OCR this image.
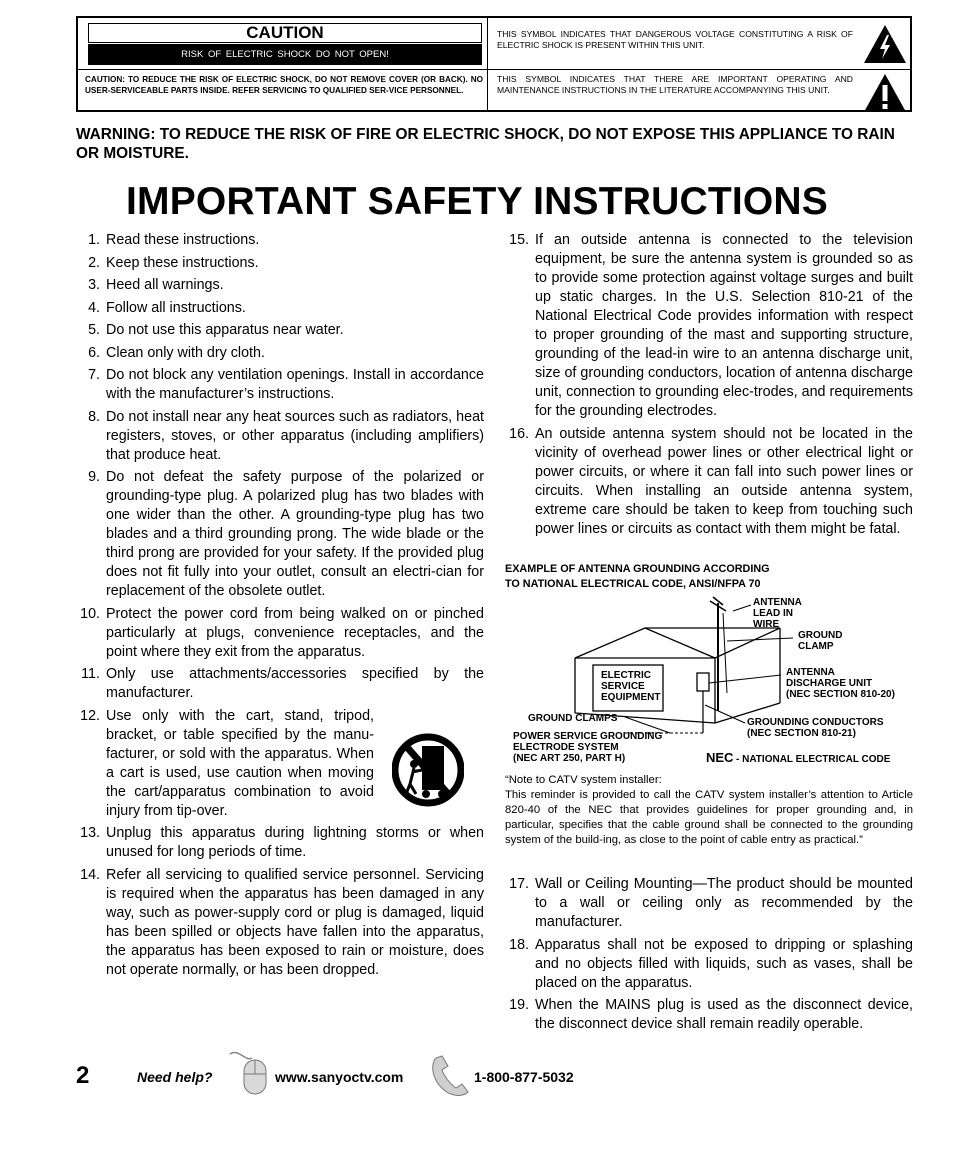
CAUTION
RISK OF ELECTRIC SHOCK DO NOT OPEN!
CAUTION: TO REDUCE THE RISK OF ELECTRIC SHOCK, DO NOT REMOVE COVER (OR BACK). NO USER-SERVICEABLE PARTS INSIDE. REFER SERVICING TO QUALIFIED SER-VICE PERSONNEL.
THIS SYMBOL INDICATES THAT DANGEROUS VOLTAGE CONSTITUTING A RISK OF ELECTRIC SHOCK IS PRESENT WITHIN THIS UNIT.
THIS SYMBOL INDICATES THAT THERE ARE IMPORTANT OPERATING AND MAINTENANCE INSTRUCTIONS IN THE LITERATURE ACCOMPANYING THIS UNIT.
WARNING: TO REDUCE THE RISK OF FIRE OR ELECTRIC SHOCK, DO NOT EXPOSE THIS APPLIANCE TO RAIN OR MOISTURE.
IMPORTANT SAFETY INSTRUCTIONS
1. Read these instructions.
2. Keep these instructions.
3. Heed all warnings.
4. Follow all instructions.
5. Do not use this apparatus near water.
6. Clean only with dry cloth.
7. Do not block any ventilation openings. Install in accordance with the manufacturer’s instructions.
8. Do not install near any heat sources such as radiators, heat registers, stoves, or other apparatus (including amplifiers) that produce heat.
9. Do not defeat the safety purpose of the polarized or grounding-type plug. A polarized plug has two blades with one wider than the other. A grounding-type plug has two blades and a third grounding prong. The wide blade or the third prong are provided for your safety. If the provided plug does not fit fully into your outlet, consult an electri-cian for replacement of the obsolete outlet.
10. Protect the power cord from being walked on or pinched particularly at plugs, convenience receptacles, and the point where they exit from the apparatus.
11. Only use attachments/accessories specified by the manufacturer.
12. Use only with the cart, stand, tripod, bracket, or table specified by the manu-facturer, or sold with the apparatus. When a cart is used, use caution when moving the cart/apparatus combination to avoid injury from tip-over.
13. Unplug this apparatus during lightning storms or when unused for long periods of time.
14. Refer all servicing to qualified service personnel. Servicing is required when the apparatus has been damaged in any way, such as power-supply cord or plug is damaged, liquid has been spilled or objects have fallen into the apparatus, the apparatus has been exposed to rain or moisture, does not operate normally, or has been dropped.
15. If an outside antenna is connected to the television equipment, be sure the antenna system is grounded so as to provide some protection against voltage surges and built up static charges. In the U.S. Selection 810-21 of the National Electrical Code provides information with respect to proper grounding of the mast and supporting structure, grounding of the lead-in wire to an antenna discharge unit, size of grounding conductors, location of antenna discharge unit, connection to grounding elec-trodes, and requirements for the grounding electrodes.
16. An outside antenna system should not be located in the vicinity of overhead power lines or other electrical light or power circuits, or where it can fall into such power lines or circuits. When installing an outside antenna system, extreme care should be taken to keep from touching such power lines or circuits as contact with them might be fatal.
EXAMPLE OF ANTENNA GROUNDING ACCORDING
TO NATIONAL ELECTRICAL CODE, ANSI/NFPA 70
ANTENNA
LEAD IN
WIRE
GROUND
CLAMP
ELECTRIC
SERVICE
EQUIPMENT
ANTENNA
DISCHARGE UNIT
(NEC SECTION 810-20)
GROUND CLAMPS	GROUNDING CONDUCTORS
(NEC SECTION 810-21)
POWER SERVICE GROUNDING
ELECTRODE SYSTEM
(NEC ART 250, PART H)	NEC - NATIONAL ELECTRICAL CODE
“Note to CATV system installer:
This reminder is provided to call the CATV system installer’s attention to Article 820-40 of the NEC that provides guidelines for proper grounding and, in particular, specifies that the cable ground shall be connected to the grounding system of the build-ing, as close to the point of cable entry as practical.”
17. Wall or Ceiling Mounting—The product should be mounted to a wall or ceiling only as recommended by the manufacturer.
18. Apparatus shall not be exposed to dripping or splashing and no objects filled with liquids, such as vases, shall be placed on the apparatus.
19. When the MAINS plug is used as the disconnect device, the disconnect device shall remain readily operable.
2	Need help?	www.sanyoctv.com	1-800-877-5032
